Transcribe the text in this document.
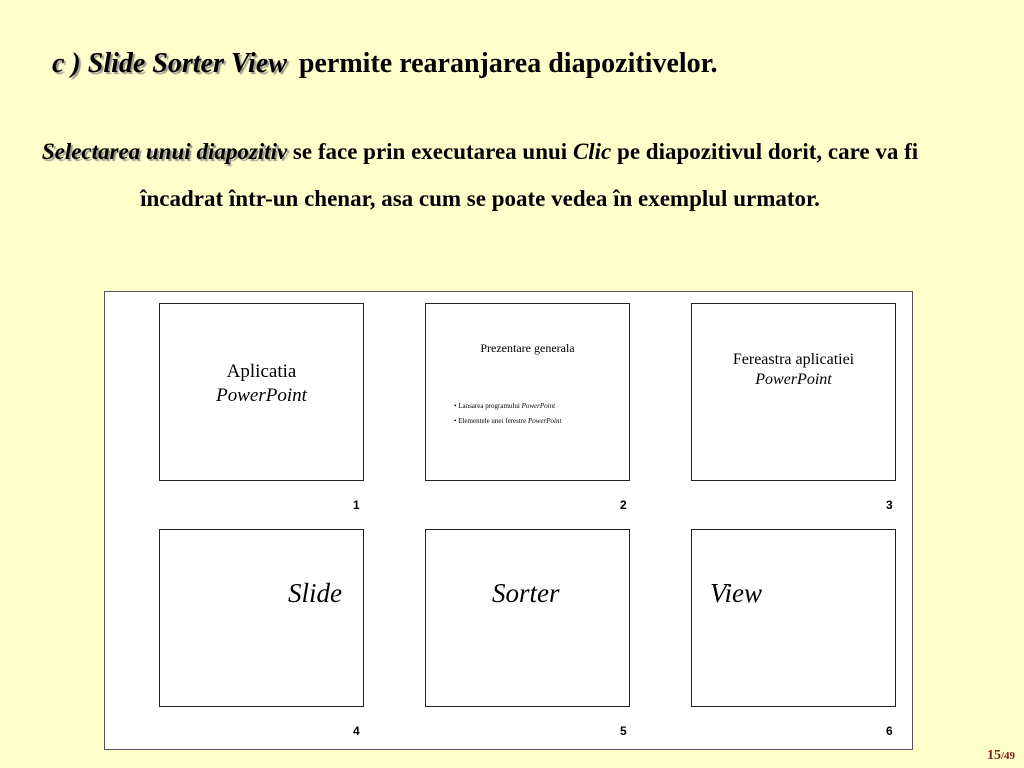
c ) Slide Sorter View permite rearanjarea diapozitivelor.
Selectarea unui diapozitiv se face prin executarea unui Clic pe diapozitivul dorit, care va fi încadrat într-un chenar, asa cum se poate vedea în exemplul urmator.
Aplicatia
PowerPoint
1
Prezentare generala
• Lansarea programului PowerPoint
• Elementele unei ferestre PowerPoint
2
Fereastra aplicatiei
PowerPoint
3
Slide
4
Sorter
5
View
6
15/49
